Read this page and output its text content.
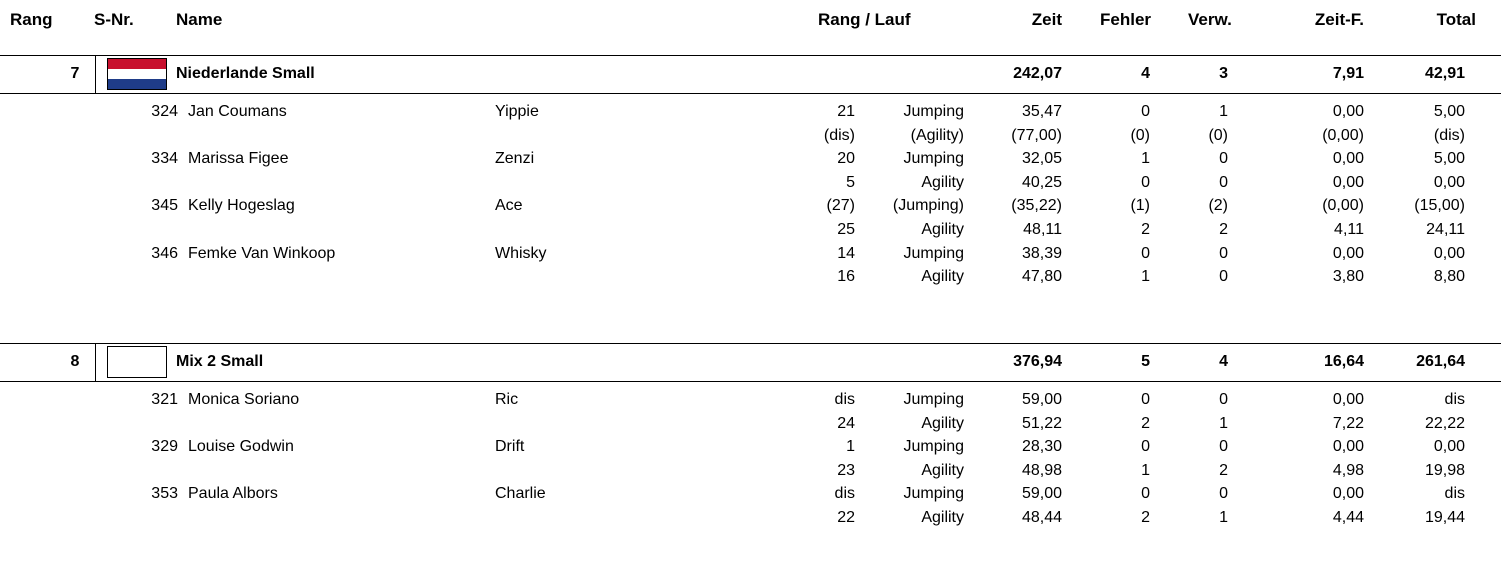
Rang S-Nr. Name	Rang / Lauf	Zeit Fehler Verw.	Zeit-F.	Total
7	Niederlande Small	242,07	4	3	7,91	42,91
324 Jan Coumans	Yippie	21	Jumping	35,47	0	1	0,00	5,00
(dis)	(Agility)	(77,00)	(0)	(0)	(0,00)	(dis)
334 Marissa Figee	Zenzi	20	Jumping	32,05	1	0	0,00	5,00
5	Agility	40,25	0	0	0,00	0,00
345 Kelly Hogeslag	Ace	(27)	(Jumping)	(35,22)	(1)	(2)	(0,00)	(15,00)
25	Agility	48,11	2	2	4,11	24,11
346 Femke Van Winkoop	Whisky	14	Jumping	38,39	0	0	0,00	0,00
16	Agility	47,80	1	0	3,80	8,80
8	Mix 2 Small	376,94	5	4	16,64	261,64
321 Monica Soriano	Ric	dis	Jumping	59,00	0	0	0,00	dis
24	Agility	51,22	2	1	7,22	22,22
329 Louise Godwin	Drift	1	Jumping	28,30	0	0	0,00	0,00
23	Agility	48,98	1	2	4,98	19,98
353 Paula Albors	Charlie	dis	Jumping	59,00	0	0	0,00	dis
22	Agility	48,44	2	1	4,44	19,44
